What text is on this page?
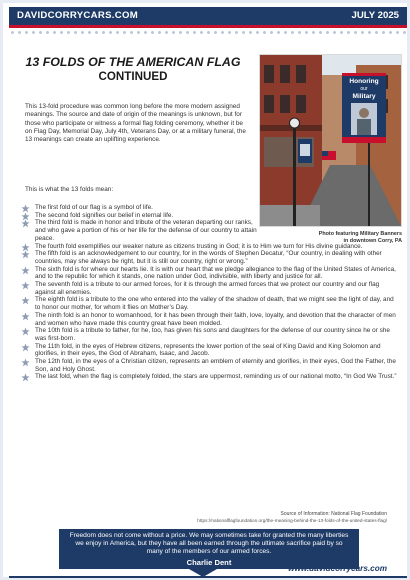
DAVIDCORRYCARS.COM	JULY 2025
13 FOLDS OF THE AMERICAN FLAG
CONTINUED

This 13-fold procedure was common long before the more modern assigned meanings. The source and date of origin of the meanings is unknown, but for those who participate or witness a formal flag folding ceremony, whether it be on Flag Day, Memorial Day, July 4th, Veterans Day, or at a military funeral, the 13 meanings can create an uplifting experience.

This is what the 13 folds mean:

Honoring
our
Military
Photo featuring Military Banners
in downtown Corry, PA
The first fold of our flag is a symbol of life.
The second fold signifies our belief in eternal life.
The third fold is made in honor and tribute of the veteran departing our ranks, and who gave a portion of his or her life for the defense of our country to attain peace.
The fourth fold exemplifies our weaker nature as citizens trusting in God; it is to Him we turn for His divine guidance.
The fifth fold is an acknowledgement to our country, for in the words of Stephen Decatur, “Our country, in dealing with other countries, may she always be right, but it is still our country, right or wrong.”
The sixth fold is for where our hearts lie. It is with our heart that we pledge allegiance to the flag of the United States of America, and to the republic for which it stands, one nation under God, indivisible, with liberty and justice for all.
The seventh fold is a tribute to our armed forces, for it is through the armed forces that we protect our country and our flag against all enemies.
The eighth fold is a tribute to the one who entered into the valley of the shadow of death, that we might see the light of day, and to honor our mother, for whom it flies on Mother’s Day.
The ninth fold is an honor to womanhood, for it has been through their faith, love, loyalty, and devotion that the character of men and women who have made this country great have been molded.
The 10th fold is a tribute to father, for he, too, has given his sons and daughters for the defense of our country since he or she was first-born.
The 11th fold, in the eyes of Hebrew citizens, represents the lower portion of the seal of King David and King Solomon and glorifies, in their eyes, the God of Abraham, Isaac, and Jacob.
The 12th fold, in the eyes of a Christian citizen, represents an emblem of eternity and glorifies, in their eyes, God the Father, the Son, and Holy Ghost.
The last fold, when the flag is completely folded, the stars are uppermost, reminding us of our national motto, “In God We Trust.”
Source of Information: National Flag Foundation
https://nationalflagfoundation.org/the-meaning-behind-the-13-folds-of-the-united-states-flag/
Freedom does not come without a price. We may sometimes take for granted the many liberties we enjoy in America, but they have all been earned through the ultimate sacrifice paid by so many of the members of our armed forces.
Charlie Dent
www.davidcorrycars.com
